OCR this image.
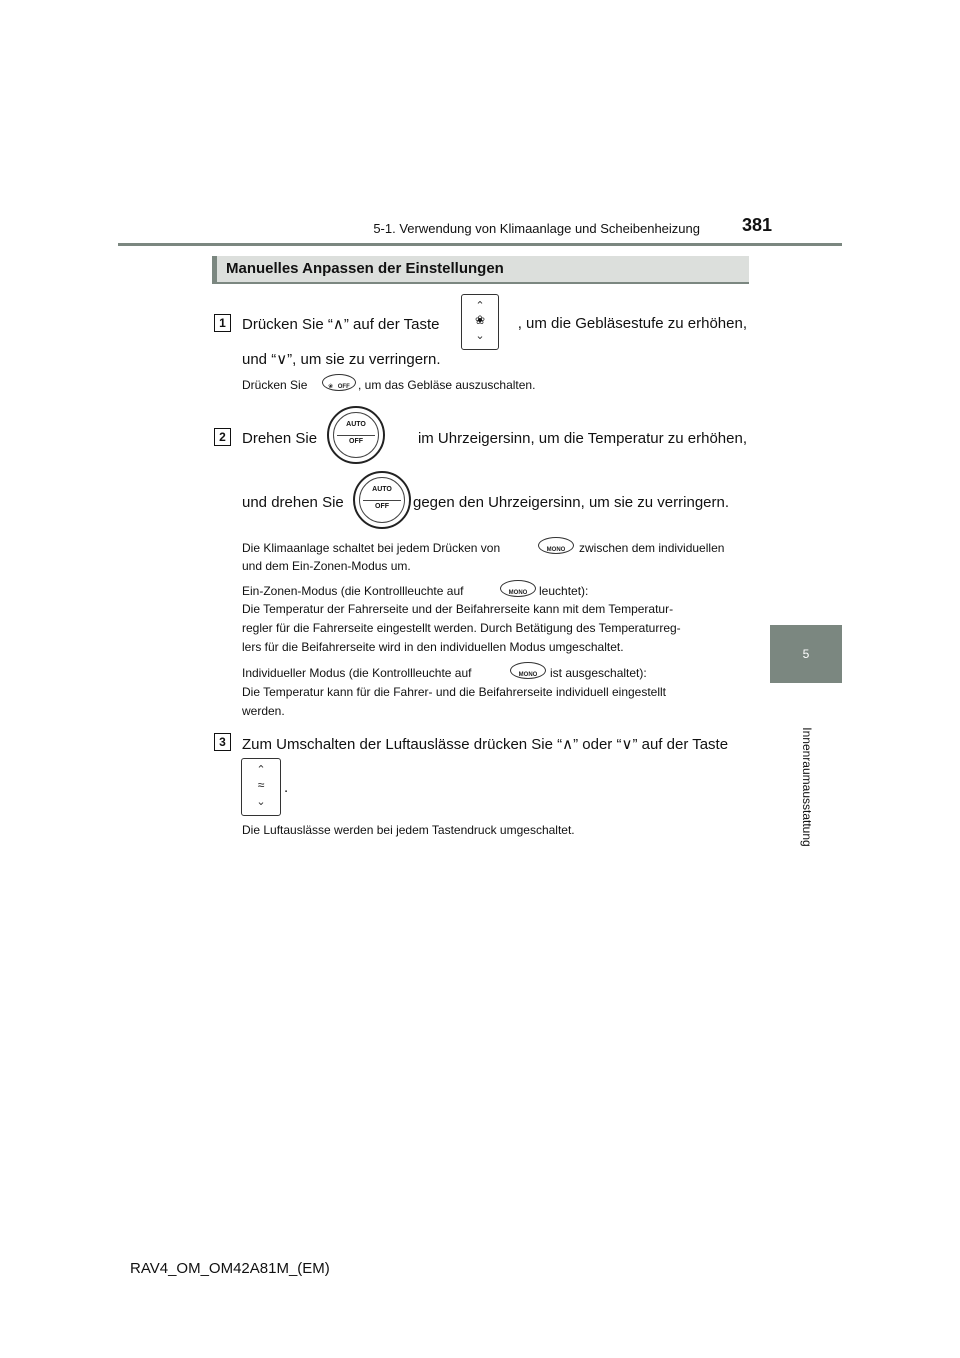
5-1. Verwendung von Klimaanlage und Scheibenheizung 381
5
Innenraumausstattung
Manuelles Anpassen der Einstellungen
1	Drücken Sie “∧” auf der Taste
⌃
❀
⌄
, um die Gebläsestufe zu erhöhen,
und “∨”, um sie zu verringern.
Drücken Sie	❀ OFF , um das Gebläse auszuschalten.
2	Drehen Sie
AUTO
OFF	im Uhrzeigersinn, um die Temperatur zu erhöhen,
und drehen Sie
AUTO
OFF	gegen den Uhrzeigersinn, um sie zu verringern.
Die Klimaanlage schaltet bei jedem Drücken von	MONO	zwischen dem individuellen
und dem Ein-Zonen-Modus um.
Ein-Zonen-Modus (die Kontrollleuchte auf	MONO leuchtet):
Die Temperatur der Fahrerseite und der Beifahrerseite kann mit dem Temperatur-
regler für die Fahrerseite eingestellt werden. Durch Betätigung des Temperaturreg-
lers für die Beifahrerseite wird in den individuellen Modus umgeschaltet.
Individueller Modus (die Kontrollleuchte auf	MONO	ist ausgeschaltet):
Die Temperatur kann für die Fahrer- und die Beifahrerseite individuell eingestellt
werden.
3	Zum Umschalten der Luftauslässe drücken Sie “∧” oder “∨” auf der Taste
⌃
≈
⌄
.
Die Luftauslässe werden bei jedem Tastendruck umgeschaltet.
RAV4_OM_OM42A81M_(EM)
